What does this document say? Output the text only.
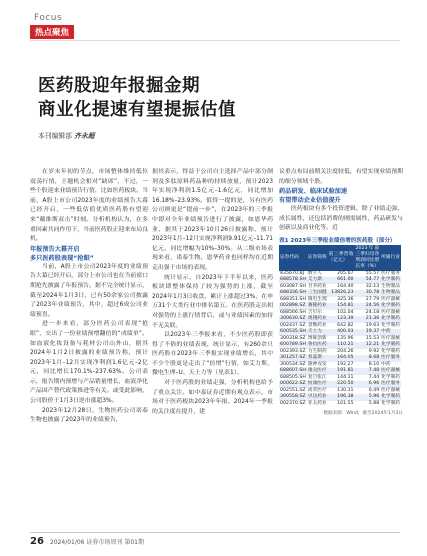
Focus
热点聚焦
医药股迎年报掘金期
商业化提速有望提振估值
本刊编辑部 齐永超

在岁末年初的节点，市场整体维持低位震荡行情，主题机会相对“缺席”，不过，一些个股迎来业绩预告行情，比如医药板块。当前，A股上市公司2023年度的业绩预告大幕已经开启，一些低估值优质医药股有望迎来“戴维斯双击”时刻。分析机构认为，在多重因素共同作用下，当前医药股正迎来布局良机。

年报预告大幕开启

多只医药股表现“抢眼”

当前，A股上市公司2023年度的业绩预告大幕已经开启，部分上市公司也在当前窗口期抢先披露了年报预告。据不完全统计显示，截至2024年1月3日，已有50余家公司披露了2023年业绩预告，其中，超过6成公司业绩预喜。

进一步来看，部分医药公司表现“抢眼”，交出了一份业绩预增翻倍的“成绩单”。如血液化妆设备与耗材公司山外山，据其2024年1月2日披露的业绩预告称，预计2023年1月–12月实现净利润1.6亿元–2亿元，同比增长170.1%–237.63%。公司表示，报告期内预增与产品销量增长，血液净化产品国产替代政策推进等有关。或受此影响，公司股价于1月3日逆市涨超3%。

2023年12月28日，生物医药公司诺泰生物也披露了2023年的业绩预告，

据其表示，得益于公司自主选择产品中部分制剂及多肽原料药品种的持续放量，预计2023年实现净利润1.5亿元–1.6亿元，同比增加16.18%–23.93%。值得一提的是，另有医药公司则更是“提前一步”，在2023年的三季报中即对全年业绩预告进行了披露，如恩华药业，据其于2023年10月26日披露称，预计2023年1月–12月实现净利润9.91亿元–11.71亿元，同比增幅为10%–30%。从二级市场表现来看，诺泰生物、恩华药业也同样均在近期走出强于市场的表现。

统计显示，自2023年下半年以来，医药板块即整体保持了较为强势的上涨，截至2024年1月3日收盘，累计上涨超过3%，在申万31个大类行业中排名第五。在医药股走出相对强势的上涨行情背后，或与业绩因素的加持不无关联。

以2023年三季报来看，不少医药股即获得了不俗的业绩表现，统计显示，有260余只医药股在2023年三季报实现业绩增长，其中不少个股更是走出了“倍增”行情，如艾力斯、微电生理–U、天士力等（见表1）。

对于医药股的业绩走强，分析机构也给予了重点关注。如中泰证券近期有观点表示，市场对于医药板块2023年年报、2024年一季报的关注度在提升，建

议重点布局前期关注度较低，有望实现业绩预期的细分领域个股。

药品研发、临床试验加速

有望带动企业估值提升

医药板块有多个投资逻辑，除了业绩走强、成长属性，还包括消费的刚需属性，药品研发与创新以及商业化等。近

表1 2023年三季报业绩倍增的医药股（部分）
证券代码	证券简称	前三季营收（亿元）	2023年前三季归母净利润同比增长率（%）	所属行业
835670.BJ	数字人	205.67	55.57	医疗服务
688578.SH	艾力斯	661.00	54.77	化学制药
603087.SH	甘李药业	164.40	32.13	生物制品
688336.SH	三生国健	13826.23	30.78	生物制品
688351.SH	微电生理	325.36	27.79	医疗器械
002898.SZ	赛隆药业	154.81	24.56	化学制药
688566.SH	吉贝尔	102.04	24.18	医疗器械
300630.SZ	奥翔药业	123.39	21.36	化学制药
002437.SZ	誉衡药业	642.82	19.63	化学制药
600535.SH	天士力	400.03	19.37	中药
300318.SZ	博晖创新	135.96	15.53	医疗器械
600789.SH	鲁抗医药	110.21	12.21	化学制药
002393.SZ	力生制药	204.26	9.92	化学制药
301257.SZ	普蕊斯	164.05	8.68	医疗服务
300534.SZ	陇神戎发	192.27	8.10	中药
688607.SH	康众医疗	191.81	7.48	医疗器械
688505.SH	复旦张江	144.11	7.44	化学制药
000622.SZ	恒康医疗	220.50	6.96	医疗服务
002551.SZ	尚荣医疗	130.11	6.49	医疗器械
300558.SZ	贝达药业	196.38	5.96	化学制药
002370.SZ	亚太药业	101.55	5.88	化学制药
数据来源：Wind，截至2024年1月3日
26 2024/01/06 证券市场周刊 第01期
